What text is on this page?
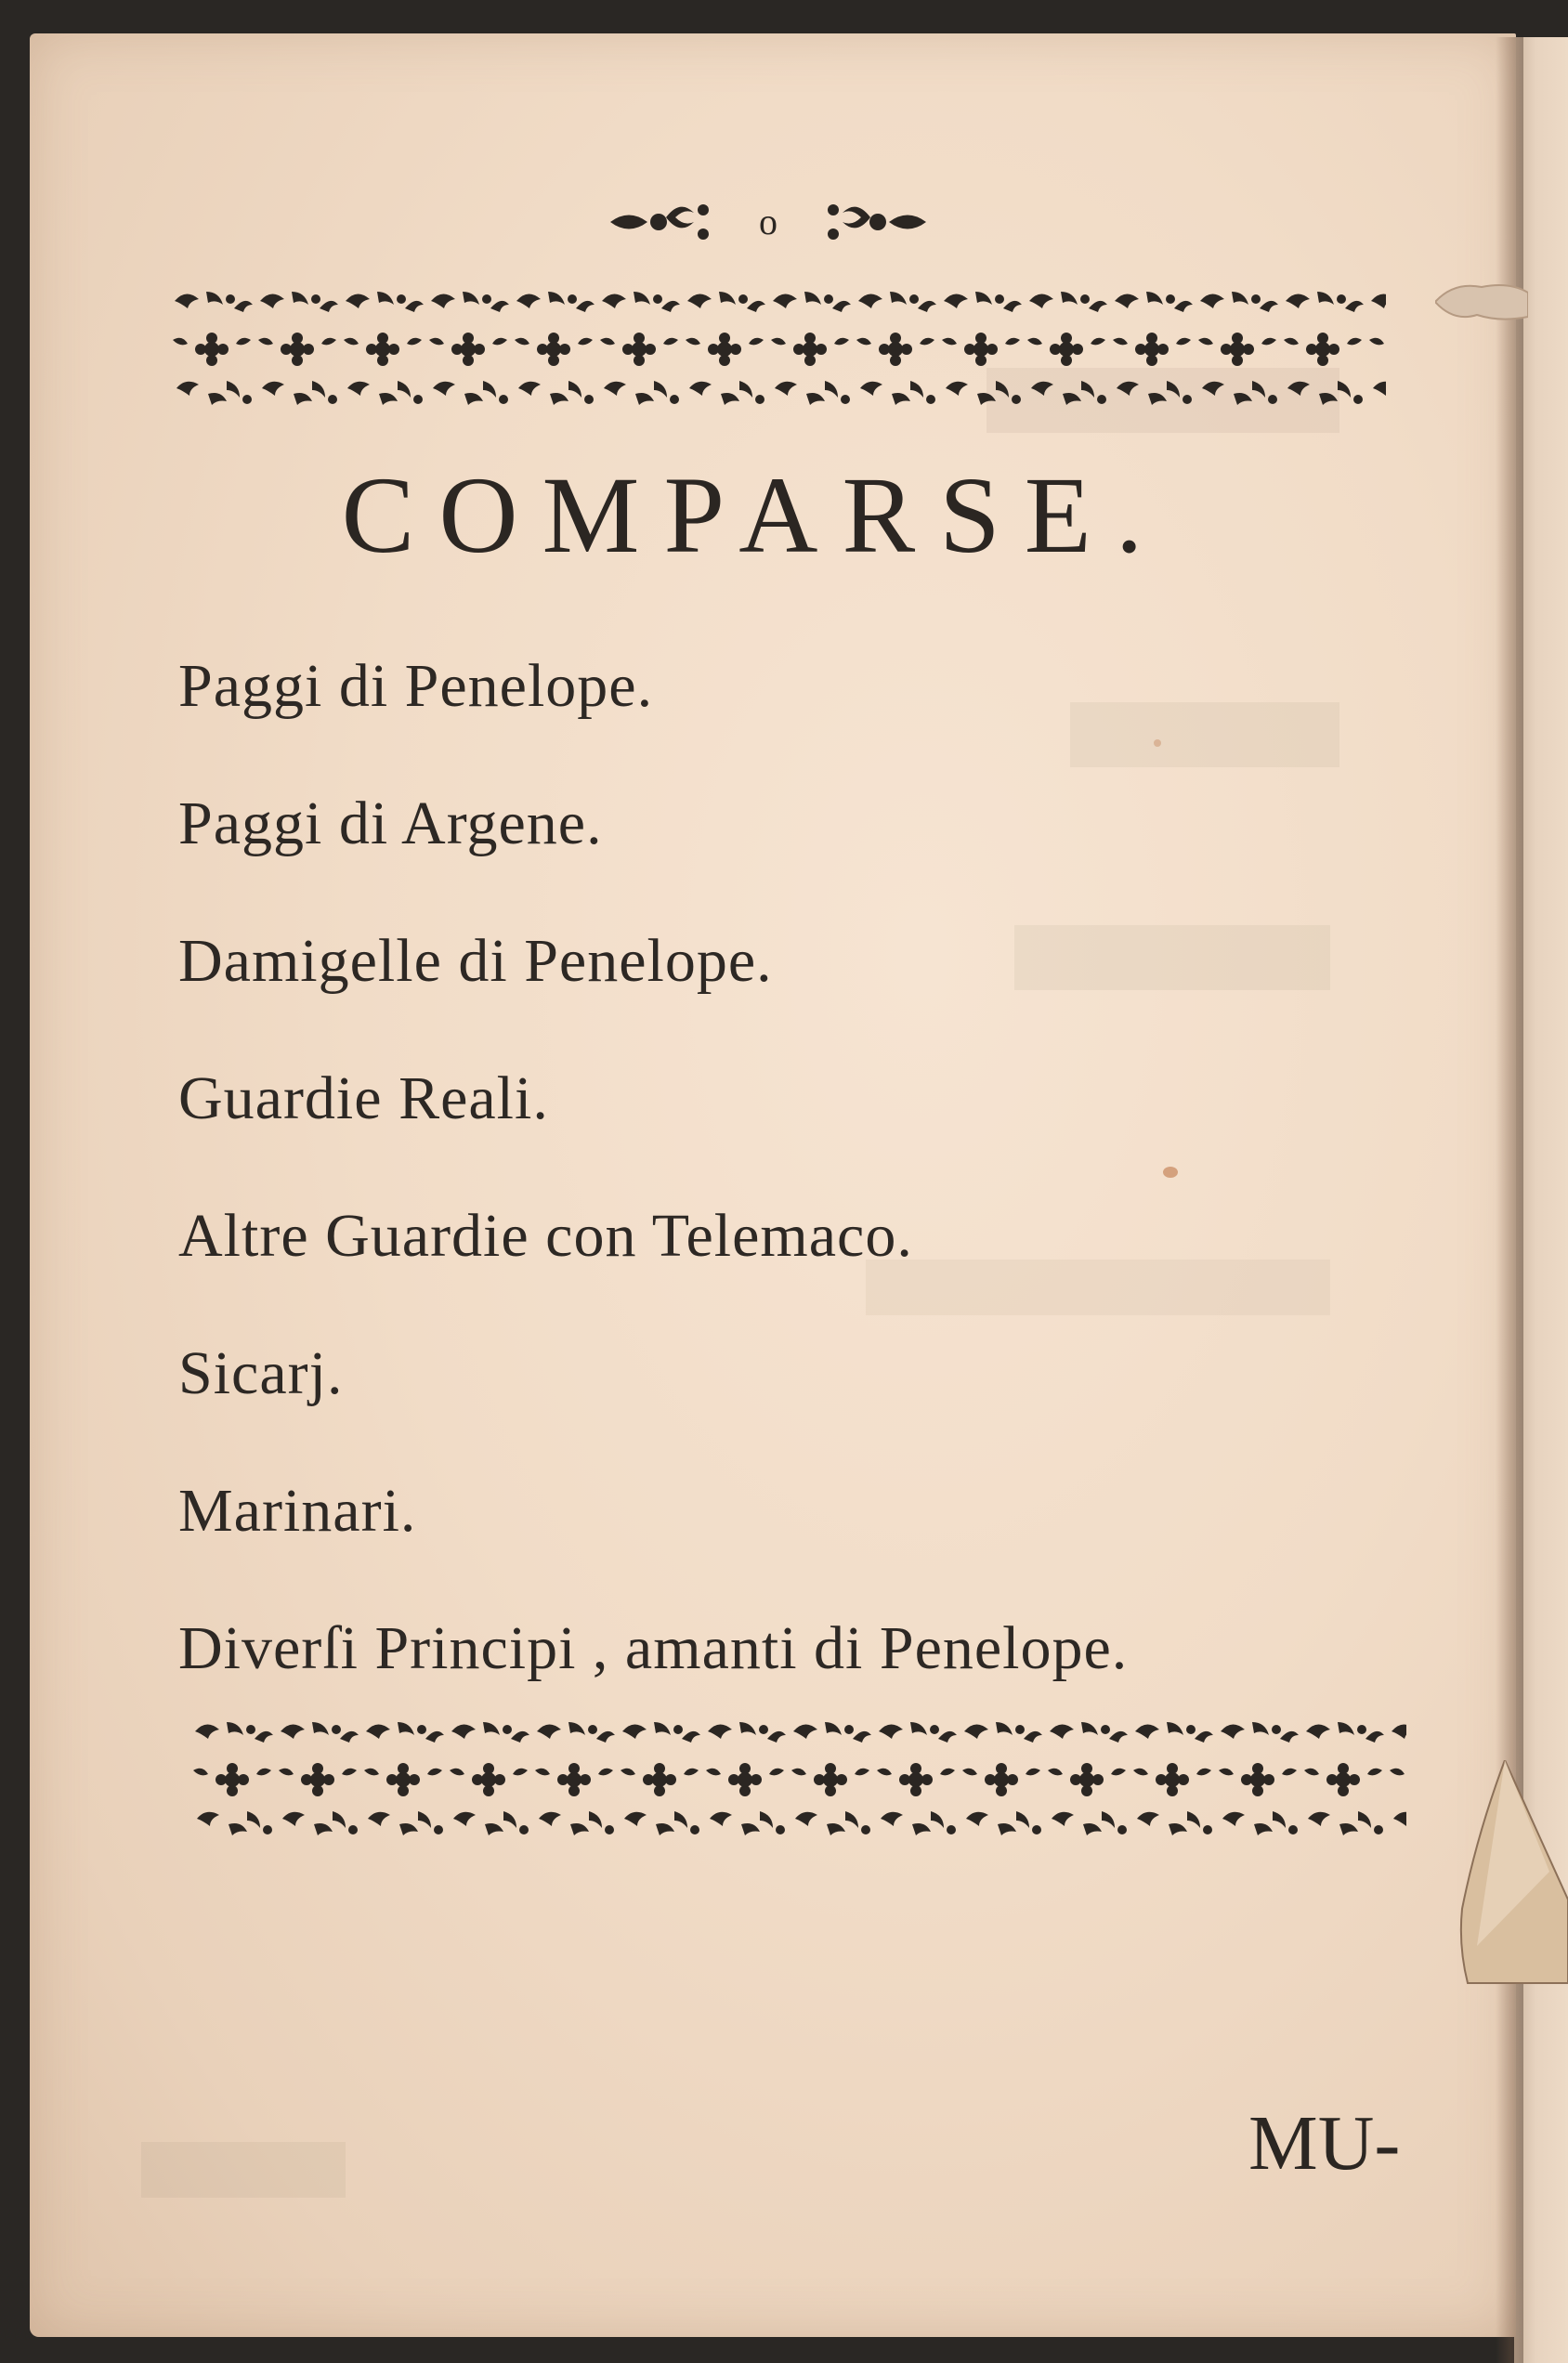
o
COMPARSE.
Paggi di Penelope.
Paggi di Argene.
Damigelle di Penelope.
Guardie Reali.
Altre Guardie con Telemaco.
Sicarj.
Marinari.
Diverſi Principi , amanti di Penelope.
MU-
